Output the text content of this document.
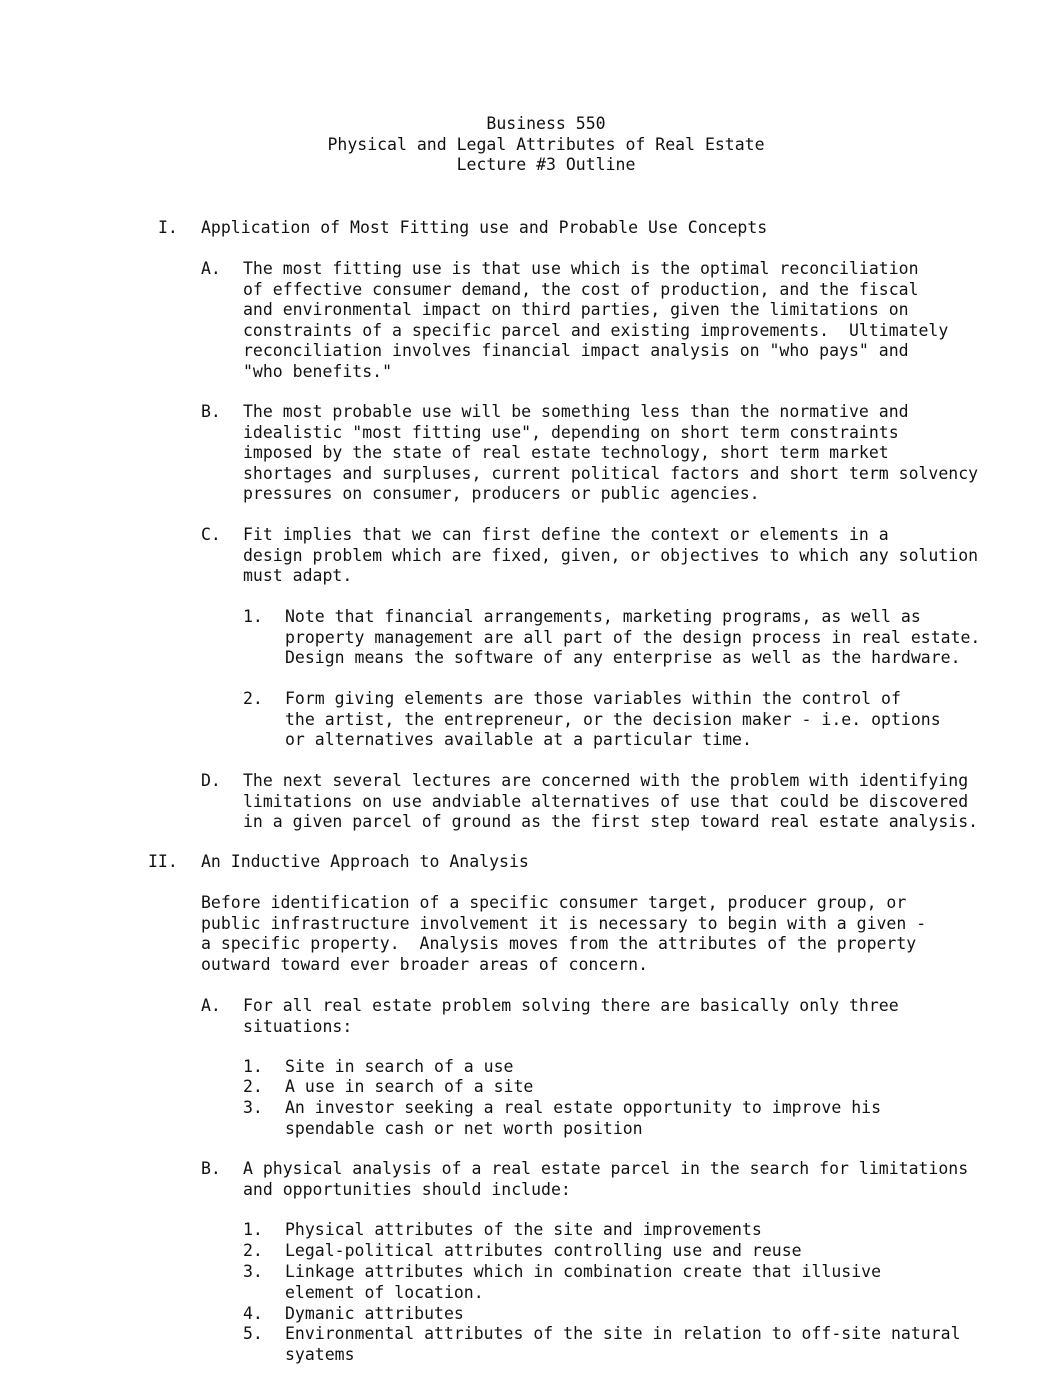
Business 550
Physical and Legal Attributes of Real Estate
Lecture #3 Outline
I. Application of Most Fitting use and Probable Use Concepts
A. The most fitting use is that use which is the optimal reconciliation
of effective consumer demand, the cost of production, and the fiscal
and environmental impact on third parties, given the limitations on
constraints of a specific parcel and existing improvements.  Ultimately
reconciliation involves financial impact analysis on "who pays" and
"who benefits."
B. The most probable use will be something less than the normative and
idealistic "most fitting use", depending on short term constraints
imposed by the state of real estate technology, short term market
shortages and surpluses, current political factors and short term solvency
pressures on consumer, producers or public agencies.
C. Fit implies that we can first define the context or elements in a
design problem which are fixed, given, or objectives to which any solution
must adapt.
1. Note that financial arrangements, marketing programs, as well as
property management are all part of the design process in real estate.
Design means the software of any enterprise as well as the hardware.
2. Form giving elements are those variables within the control of
the artist, the entrepreneur, or the decision maker - i.e. options
or alternatives available at a particular time.
D. The next several lectures are concerned with the problem with identifying
limitations on use andviable alternatives of use that could be discovered
in a given parcel of ground as the first step toward real estate analysis.
II. An Inductive Approach to Analysis
Before identification of a specific consumer target, producer group, or
public infrastructure involvement it is necessary to begin with a given -
a specific property.  Analysis moves from the attributes of the property
outward toward ever broader areas of concern.
A. For all real estate problem solving there are basically only three
situations:
1. Site in search of a use
2. A use in search of a site
3. An investor seeking a real estate opportunity to improve his
spendable cash or net worth position
B. A physical analysis of a real estate parcel in the search for limitations
and opportunities should include:
1. Physical attributes of the site and improvements
2. Legal-political attributes controlling use and reuse
3. Linkage attributes which in combination create that illusive
element of location.
4. Dymanic attributes
5. Environmental attributes of the site in relation to off-site natural
syatems
